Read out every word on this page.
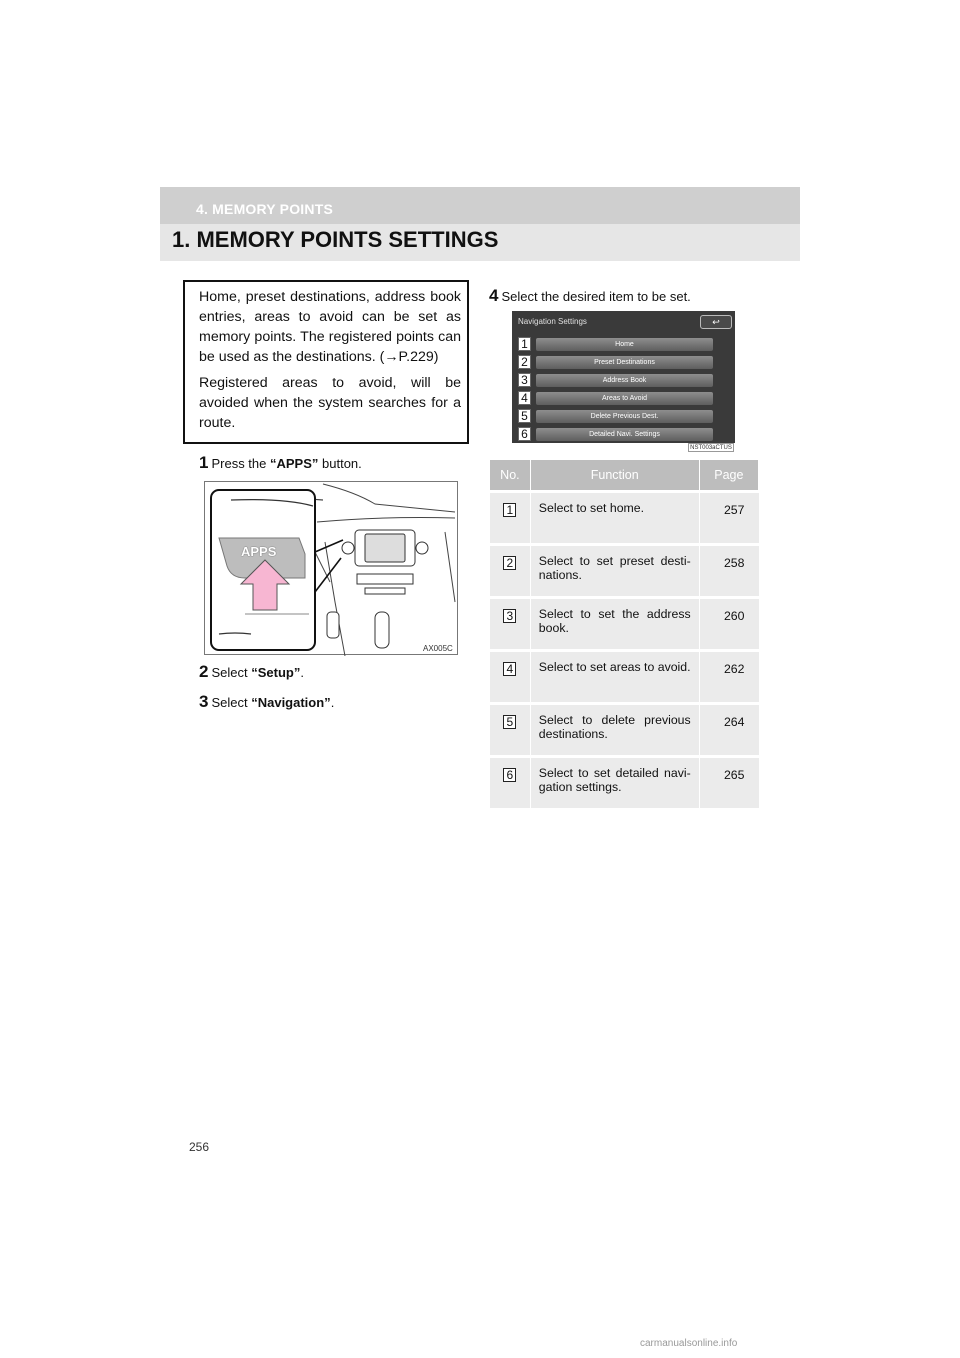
4. MEMORY POINTS
1. MEMORY POINTS SETTINGS

Home, preset destinations, address book entries, areas to avoid can be set as memory points. The registered points can be used as the destinations. (→P.229)

Registered areas to avoid, will be avoided when the system searches for a route.

1 Press the “APPS” button.
APPS
AX005C
2 Select “Setup”.
3 Select “Navigation”.
4 Select the desired item to be set.
Navigation Settings	↩
Home
Preset Destinations
Address Book
Areas to Avoid
Delete Previous Dest.
Detailed Navi. Settings
1
2
3
4
5
6
NST003aCTUS
No.	Function	Page
1	Select to set home.	257
2	Select to set preset desti-nations.	258
3	Select to set the address book.	260
4	Select to set areas to avoid.	262
5	Select to delete previous destinations.	264
6	Select to set detailed navi-gation settings.	265
256
carmanualsonline.info
